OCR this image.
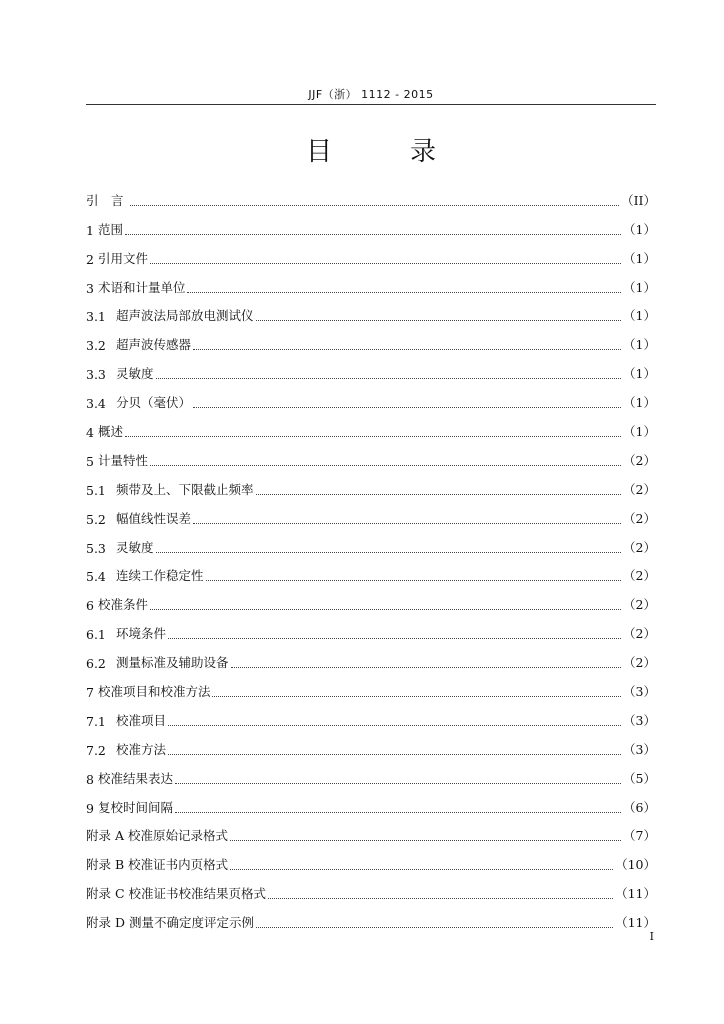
JJF（浙） 1112 - 2015
目　录
引　言	（II）
1 范围	（1）
2 引用文件	（1）
3 术语和计量单位	（1）
3.1 超声波法局部放电测试仪	（1）
3.2 超声波传感器	（1）
3.3 灵敏度	（1）
3.4 分贝（毫伏）	（1）
4 概述	（1）
5 计量特性	（2）
5.1 频带及上、下限截止频率	（2）
5.2 幅值线性误差	（2）
5.3 灵敏度	（2）
5.4 连续工作稳定性	（2）
6 校准条件	（2）
6.1 环境条件	（2）
6.2 测量标准及辅助设备	（2）
7 校准项目和校准方法	（3）
7.1 校准项目	（3）
7.2 校准方法	（3）
8 校准结果表达	（5）
9 复校时间间隔	（6）
附录 A 校准原始记录格式	（7）
附录 B 校准证书内页格式	（10）
附录 C 校准证书校准结果页格式	（11）
附录 D 测量不确定度评定示例	（11）
I
